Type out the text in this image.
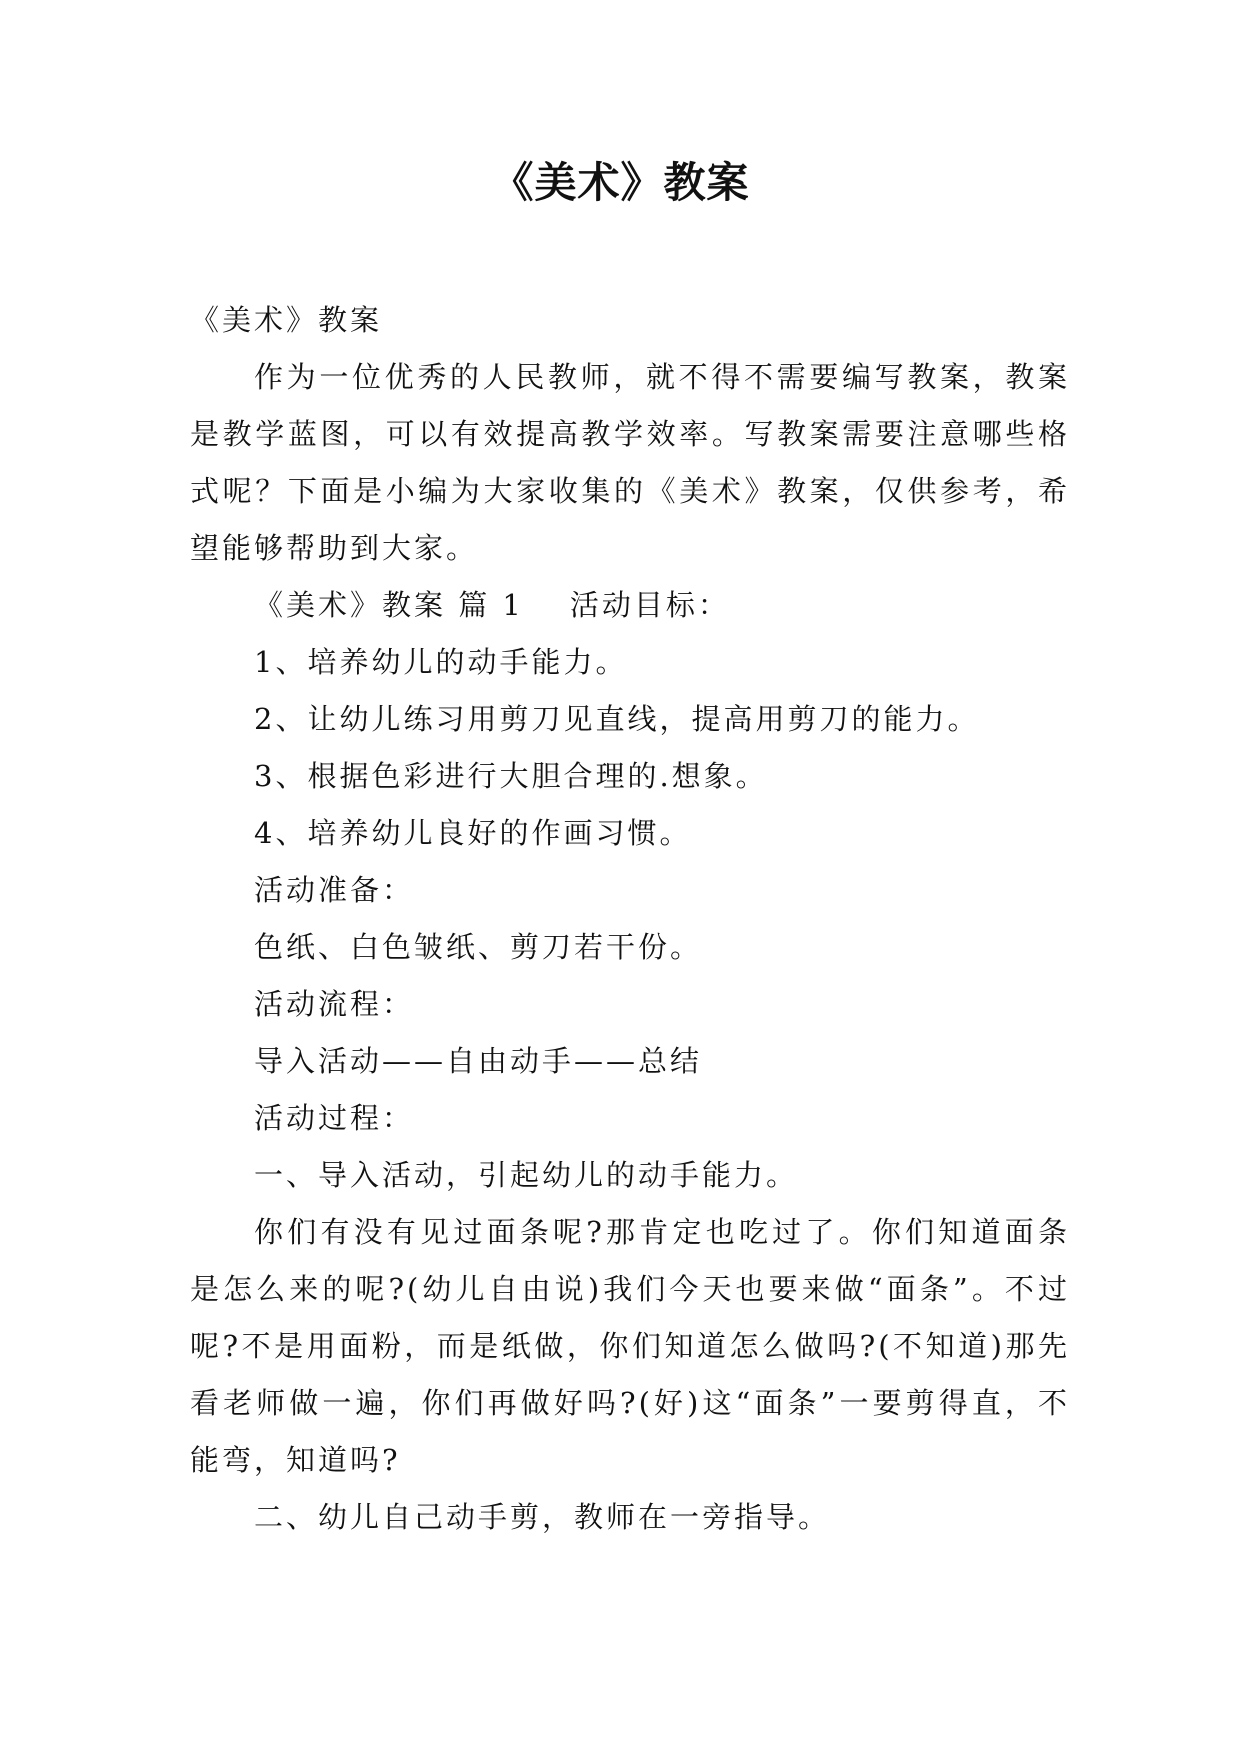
《美术》教案

《美术》教案

作为一位优秀的人民教师，就不得不需要编写教案，教案是教学蓝图，可以有效提高教学效率。写教案需要注意哪些格式呢？下面是小编为大家收集的《美术》教案，仅供参考，希望能够帮助到大家。

《美术》教案 篇 1 活动目标：

1、培养幼儿的动手能力。

2、让幼儿练习用剪刀见直线，提高用剪刀的能力。

3、根据色彩进行大胆合理的.想象。

4、培养幼儿良好的作画习惯。

活动准备：

色纸、白色皱纸、剪刀若干份。

活动流程：

导入活动——自由动手——总结

活动过程：

一、导入活动，引起幼儿的动手能力。

你们有没有见过面条呢?那肯定也吃过了。你们知道面条是怎么来的呢?(幼儿自由说)我们今天也要来做“面条”。不过呢?不是用面粉，而是纸做，你们知道怎么做吗?(不知道)那先看老师做一遍，你们再做好吗?(好)这“面条”一要剪得直，不能弯，知道吗?

二、幼儿自己动手剪，教师在一旁指导。
